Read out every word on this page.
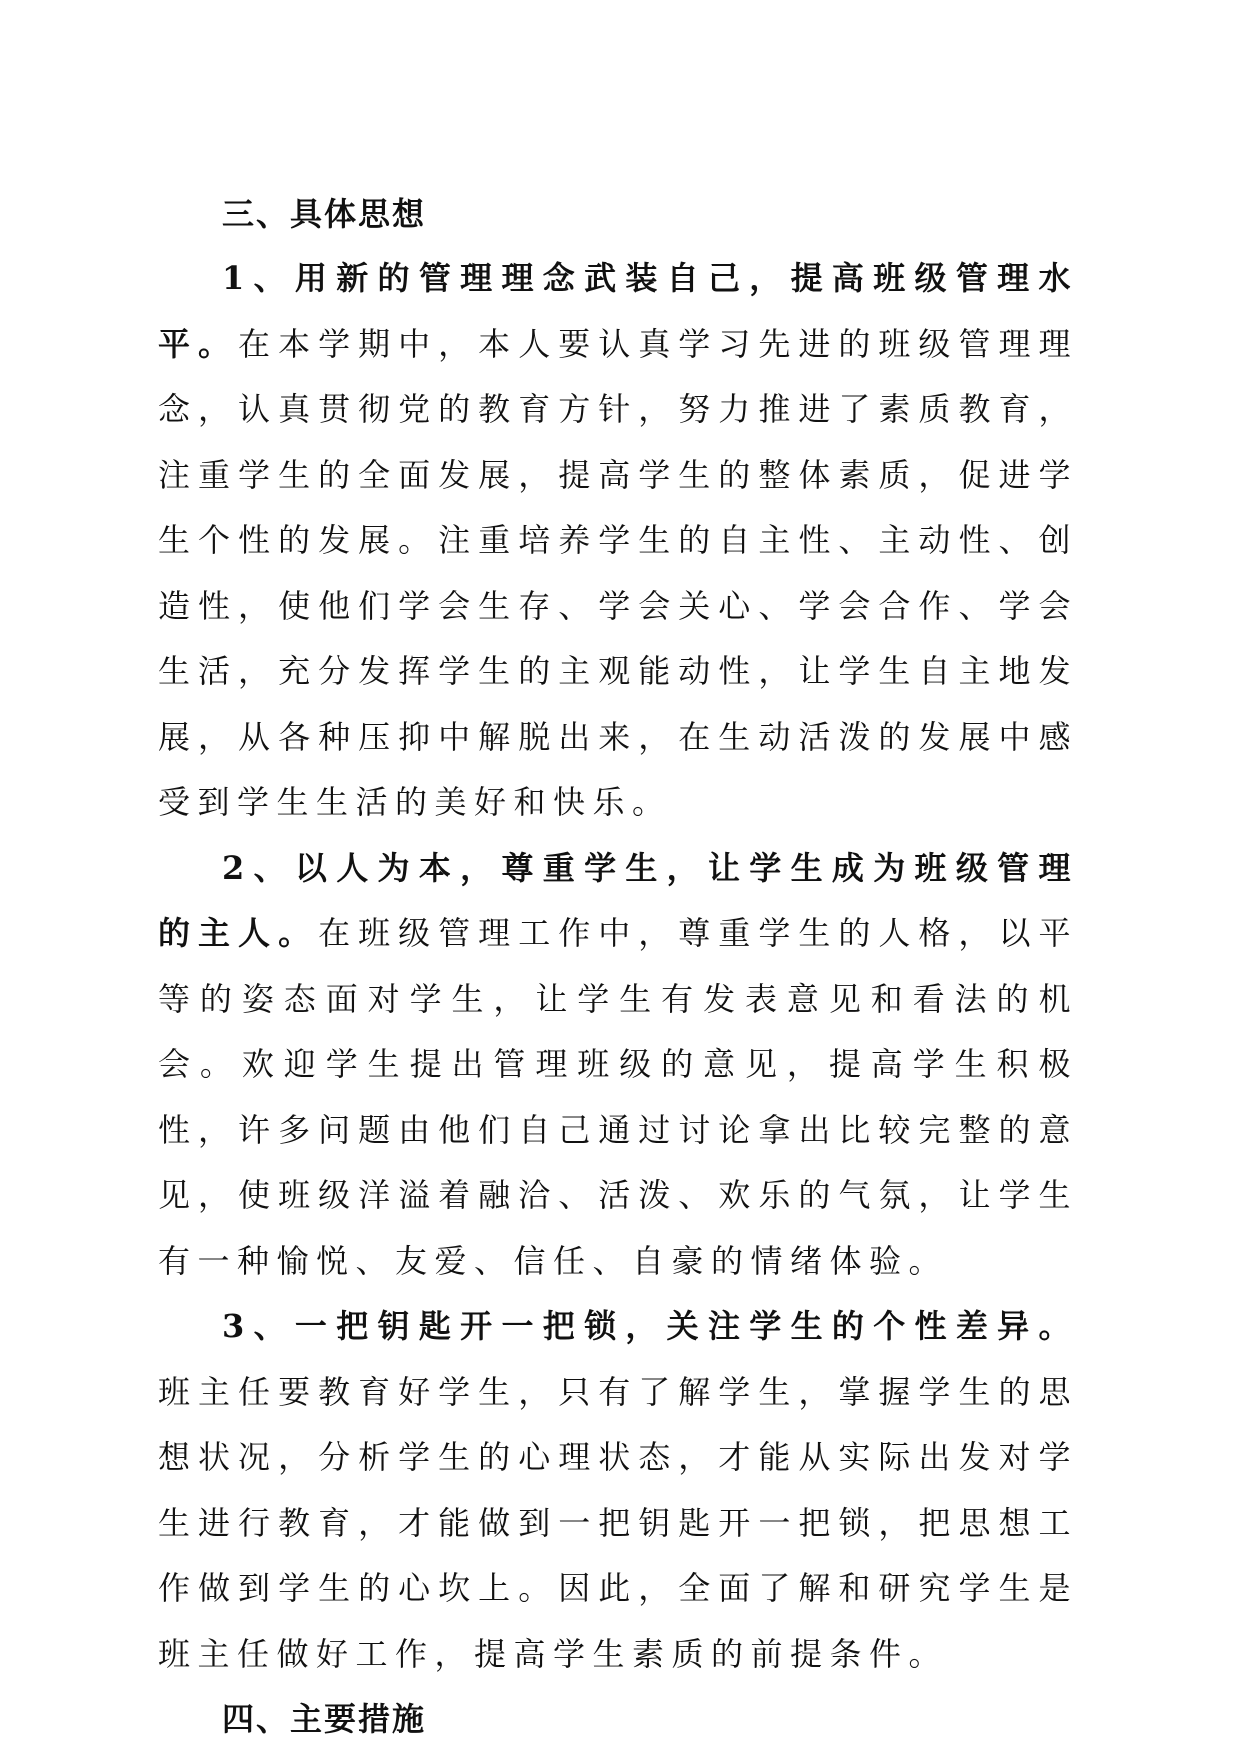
三、具体思想

1、用新的管理理念武装自己，提高班级管理水平。在本学期中，本人要认真学习先进的班级管理理念，认真贯彻党的教育方针，努力推进了素质教育，注重学生的全面发展，提高学生的整体素质，促进学生个性的发展。注重培养学生的自主性、主动性、创造性，使他们学会生存、学会关心、学会合作、学会生活，充分发挥学生的主观能动性，让学生自主地发展，从各种压抑中解脱出来，在生动活泼的发展中感受到学生生活的美好和快乐。

2、以人为本，尊重学生，让学生成为班级管理的主人。在班级管理工作中，尊重学生的人格，以平等的姿态面对学生，让学生有发表意见和看法的机会。欢迎学生提出管理班级的意见，提高学生积极性，许多问题由他们自己通过讨论拿出比较完整的意见，使班级洋溢着融洽、活泼、欢乐的气氛，让学生有一种愉悦、友爱、信任、自豪的情绪体验。

3、一把钥匙开一把锁，关注学生的个性差异。班主任要教育好学生，只有了解学生，掌握学生的思想状况，分析学生的心理状态，才能从实际出发对学生进行教育，才能做到一把钥匙开一把锁，把思想工作做到学生的心坎上。因此，全面了解和研究学生是班主任做好工作，提高学生素质的前提条件。

四、主要措施
